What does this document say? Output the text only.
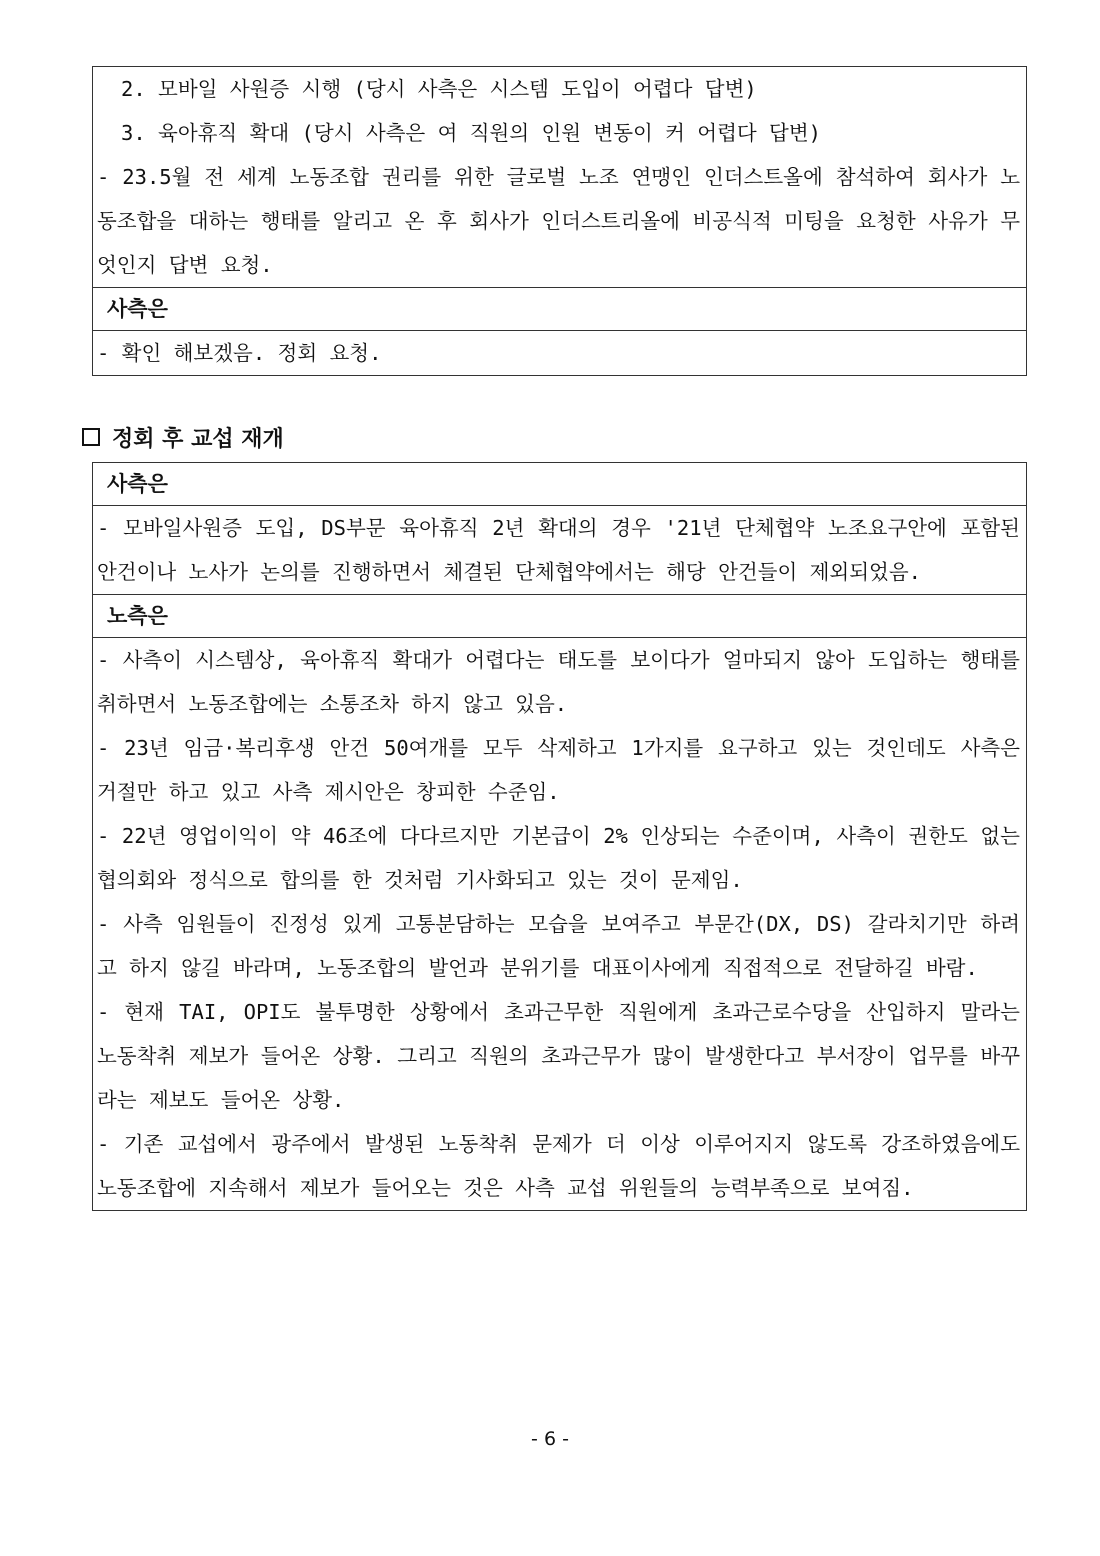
2. 모바일 사원증 시행 (당시 사측은 시스템 도입이 어렵다 답변)
3. 육아휴직 확대 (당시 사측은 여 직원의 인원 변동이 커 어렵다 답변)
- 23.5월 전 세계 노동조합 권리를 위한 글로벌 노조 연맹인 인더스트올에 참석하여 회사가 노동조합을 대하는 행태를 알리고 온 후 회사가 인더스트리올에 비공식적 미팅을 요청한 사유가 무엇인지 답변 요청.
사측은
- 확인 해보겠음. 정회 요청.
정회 후 교섭 재개
사측은
- 모바일사원증 도입, DS부문 육아휴직 2년 확대의 경우 '21년 단체협약 노조요구안에 포함된 안건이나 노사가 논의를 진행하면서 체결된 단체협약에서는 해당 안건들이 제외되었음.
노측은
- 사측이 시스템상, 육아휴직 확대가 어렵다는 태도를 보이다가 얼마되지 않아 도입하는 행태를 취하면서 노동조합에는 소통조차 하지 않고 있음.
- 23년 임금·복리후생 안건 50여개를 모두 삭제하고 1가지를 요구하고 있는 것인데도 사측은 거절만 하고 있고 사측 제시안은 창피한 수준임.
- 22년 영업이익이 약 46조에 다다르지만 기본급이 2% 인상되는 수준이며, 사측이 권한도 없는 협의회와 정식으로 합의를 한 것처럼 기사화되고 있는 것이 문제임.
- 사측 임원들이 진정성 있게 고통분담하는 모습을 보여주고 부문간(DX, DS) 갈라치기만 하려고 하지 않길 바라며, 노동조합의 발언과 분위기를 대표이사에게 직접적으로 전달하길 바람.
- 현재 TAI, OPI도 불투명한 상황에서 초과근무한 직원에게 초과근로수당을 산입하지 말라는 노동착취 제보가 들어온 상황. 그리고 직원의 초과근무가 많이 발생한다고 부서장이 업무를 바꾸라는 제보도 들어온 상황.
- 기존 교섭에서 광주에서 발생된 노동착취 문제가 더 이상 이루어지지 않도록 강조하였음에도 노동조합에 지속해서 제보가 들어오는 것은 사측 교섭 위원들의 능력부족으로 보여짐.
- 6 -
